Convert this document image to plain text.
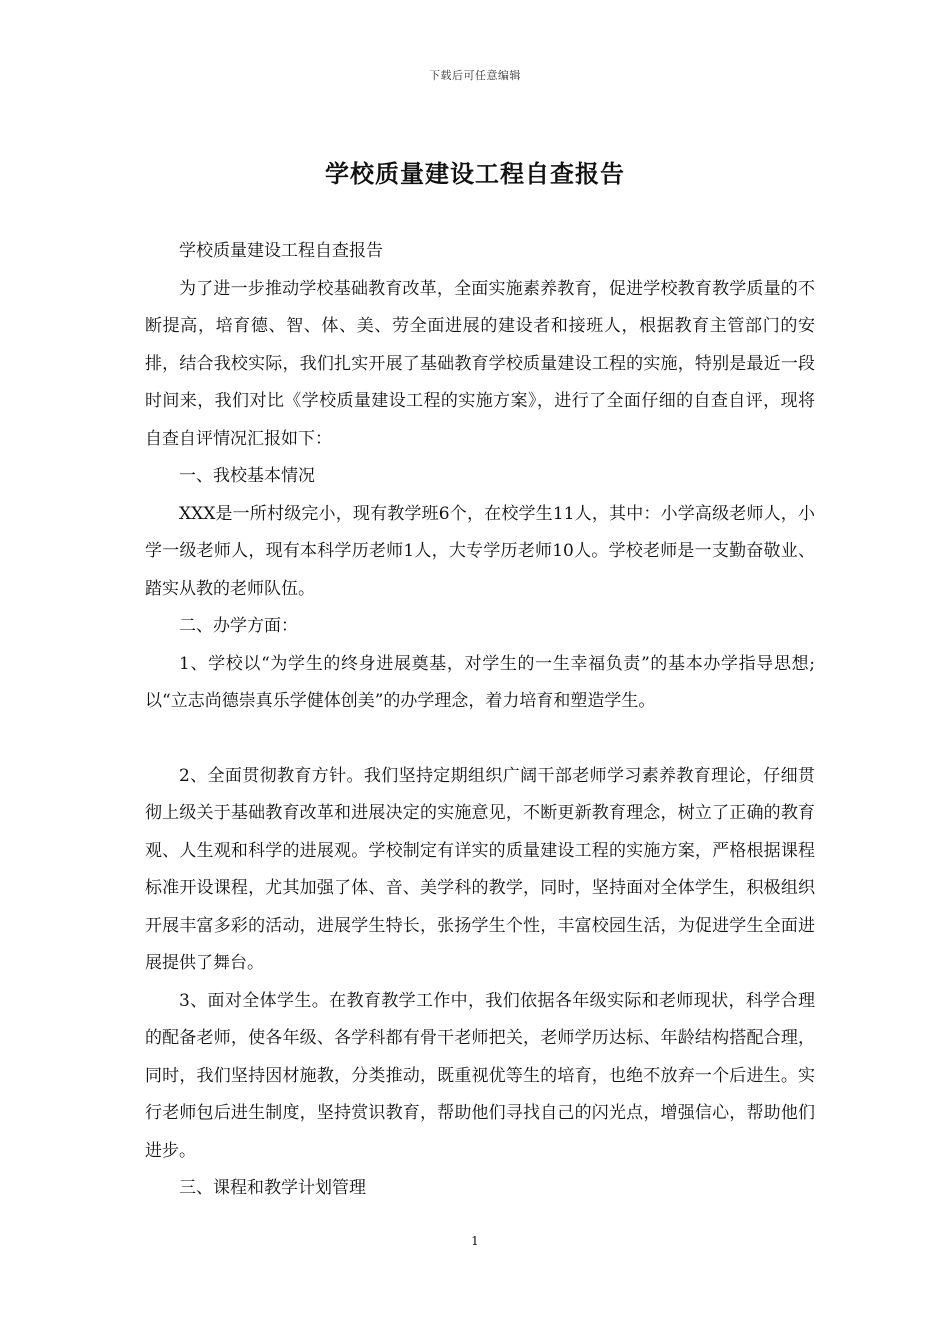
下载后可任意编辑
学校质量建设工程自查报告

学校质量建设工程自查报告

为了进一步推动学校基础教育改革，全面实施素养教育，促进学校教育教学质量的不断提高，培育德、智、体、美、劳全面进展的建设者和接班人，根据教育主管部门的安排，结合我校实际，我们扎实开展了基础教育学校质量建设工程的实施，特别是最近一段时间来，我们对比《学校质量建设工程的实施方案》，进行了全面仔细的自查自评，现将自查自评情况汇报如下：

一、我校基本情况

XXX是一所村级完小，现有教学班6个，在校学生11人，其中：小学高级老师人，小学一级老师人，现有本科学历老师1人，大专学历老师10人。学校老师是一支勤奋敬业、踏实从教的老师队伍。

二、办学方面：

1、学校以“为学生的终身进展奠基，对学生的一生幸福负责”的基本办学指导思想;以“立志尚德崇真乐学健体创美”的办学理念，着力培育和塑造学生。

2、全面贯彻教育方针。我们坚持定期组织广阔干部老师学习素养教育理论，仔细贯彻上级关于基础教育改革和进展决定的实施意见，不断更新教育理念，树立了正确的教育观、人生观和科学的进展观。学校制定有详实的质量建设工程的实施方案，严格根据课程标准开设课程，尤其加强了体、音、美学科的教学，同时，坚持面对全体学生，积极组织开展丰富多彩的活动，进展学生特长，张扬学生个性，丰富校园生活，为促进学生全面进展提供了舞台。

3、面对全体学生。在教育教学工作中，我们依据各年级实际和老师现状，科学合理的配备老师，使各年级、各学科都有骨干老师把关，老师学历达标、年龄结构搭配合理，同时，我们坚持因材施教，分类推动，既重视优等生的培育，也绝不放弃一个后进生。实行老师包后进生制度，坚持赏识教育，帮助他们寻找自己的闪光点，增强信心，帮助他们进步。

三、课程和教学计划管理

1
